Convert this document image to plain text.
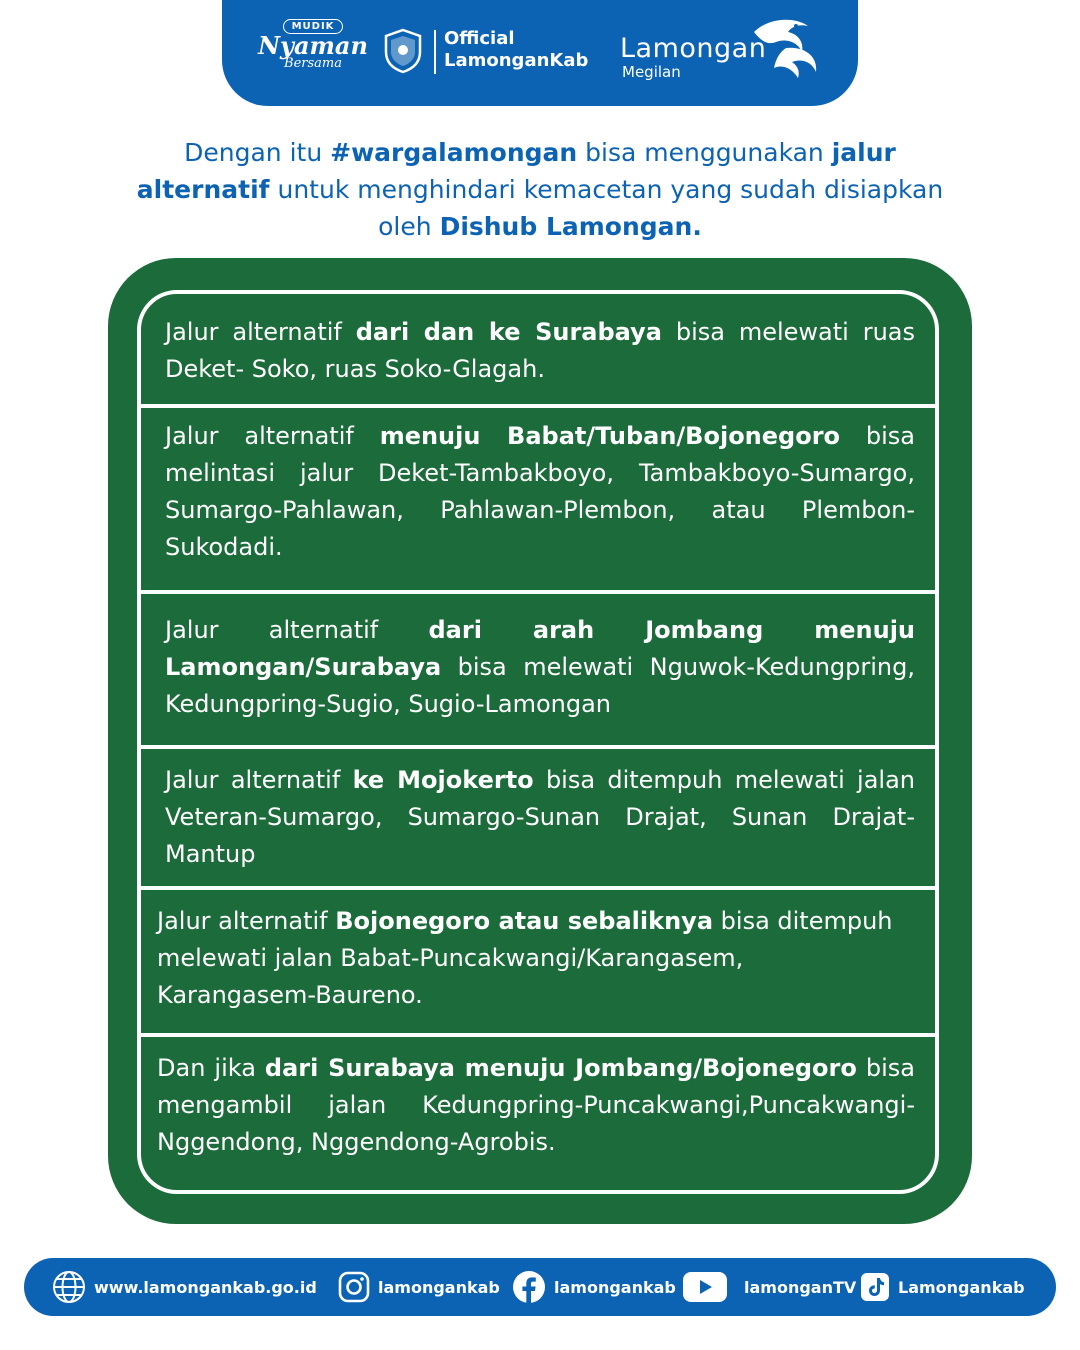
MUDIK
Nyaman
Bersama
Official
LamonganKab Lamongan
Megilan
Dengan itu #wargalamongan bisa menggunakan jalur alternatif untuk menghindari kemacetan yang sudah disiapkan oleh Dishub Lamongan.

Jalur alternatif dari dan ke Surabaya bisa melewati ruas Deket- Soko, ruas Soko-Glagah.

Jalur alternatif menuju Babat/Tuban/Bojonegoro bisa melintasi jalur Deket-Tambakboyo, Tambakboyo-Sumargo, Sumargo-Pahlawan, Pahlawan-Plembon, atau Plembon-Sukodadi.

Jalur alternatif dari arah Jombang menuju Lamongan/Surabaya bisa melewati Nguwok-Kedungpring, Kedungpring-Sugio, Sugio-Lamongan

Jalur alternatif ke Mojokerto bisa ditempuh melewati jalan Veteran-Sumargo, Sumargo-Sunan Drajat, Sunan Drajat-Mantup

Jalur alternatif Bojonegoro atau sebaliknya bisa ditempuh melewati jalan Babat-Puncakwangi/Karangasem, Karangasem-Baureno.

Dan jika dari Surabaya menuju Jombang/Bojonegoro bisa mengambil jalan Kedungpring-Puncakwangi,Puncakwangi-Nggendong, Nggendong-Agrobis.

www.lamongankab.go.id	lamongankab	lamongankab	lamonganTV	Lamongankab
